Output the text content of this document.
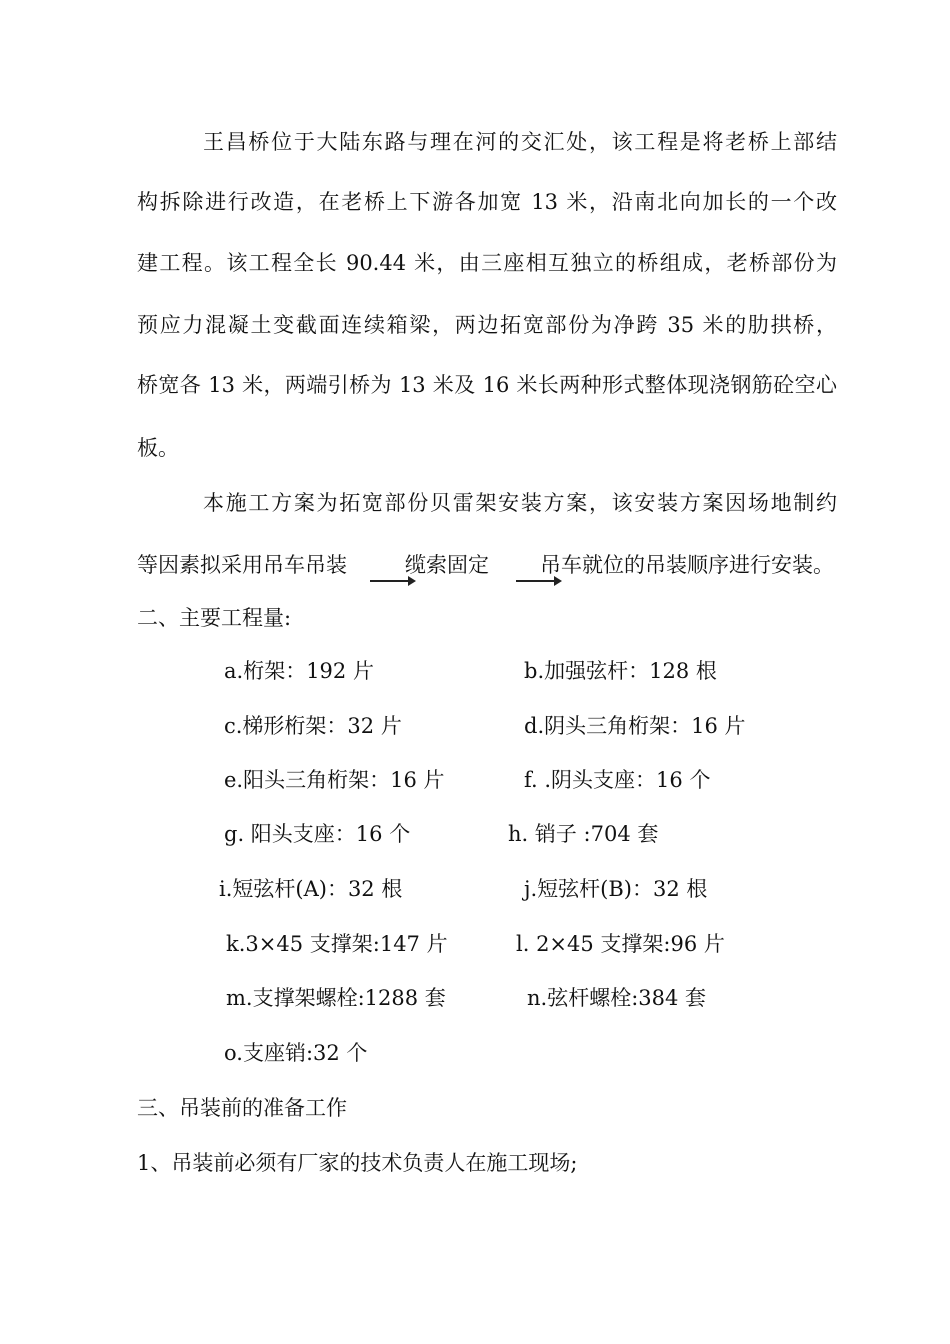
王昌桥位于大陆东路与理在河的交汇处，该工程是将老桥上部结
构拆除进行改造，在老桥上下游各加宽 13 米，沿南北向加长的一个改
建工程。该工程全长 90.44 米，由三座相互独立的桥组成，老桥部份为
预应力混凝土变截面连续箱梁，两边拓宽部份为净跨 35 米的肋拱桥，
桥宽各 13 米，两端引桥为 13 米及 16 米长两种形式整体现浇钢筋砼空心
板。
本施工方案为拓宽部份贝雷架安装方案，该安装方案因场地制约
等因素拟采用吊车吊装	缆索固定 吊车就位的吊装顺序进行安装。
二、主要工程量:
a.桁架：192 片	b.加强弦杆：128 根
c.梯形桁架：32 片	d.阴头三角桁架：16 片
e.阳头三角桁架：16 片	f. .阴头支座：16 个
g. 阳头支座：16 个	h. 销子 :704 套
i.短弦杆(A)：32 根	j.短弦杆(B)：32 根
k.3×45 支撑架:147 片	l. 2×45 支撑架:96 片
m.支撑架螺栓:1288 套	n.弦杆螺栓:384 套
o.支座销:32 个
三、吊装前的准备工作
1、吊装前必须有厂家的技术负责人在施工现场;
